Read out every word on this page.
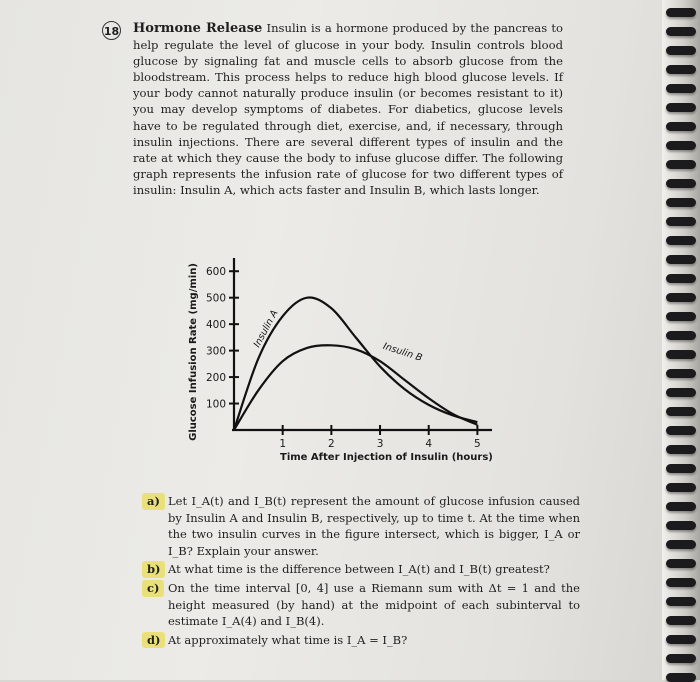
18 Hormone Release Insulin is a hormone produced by the pancreas to help regulate the level of glucose in your body. Insulin controls blood glucose by signaling fat and muscle cells to absorb glucose from the bloodstream. This process helps to reduce high blood glucose levels. If your body cannot naturally produce insulin (or becomes resistant to it) you may develop symptoms of diabetes. For diabetics, glucose levels have to be regulated through diet, exercise, and, if necessary, through insulin injections. There are several different types of insulin and the rate at which they cause the body to infuse glucose differ. The following graph represents the infusion rate of glucose for two different types of insulin: Insulin A, which acts faster and Insulin B, which lasts longer.
100
200
300
400
500
600
1	2	3	4	5
Insulin A
Insulin B
Glucose Infusion Rate (mg/min)
Time After Injection of Insulin (hours)
a) Let I_A(t) and I_B(t) represent the amount of glucose infusion caused by Insulin A and Insulin B, respectively, up to time t. At the time when the two insulin curves in the figure intersect, which is bigger, I_A or I_B? Explain your answer.
b) At what time is the difference between I_A(t) and I_B(t) greatest?
c) On the time interval [0, 4] use a Riemann sum with Δt = 1 and the height measured (by hand) at the midpoint of each subinterval to estimate I_A(4) and I_B(4).
d) At approximately what time is I_A = I_B?
